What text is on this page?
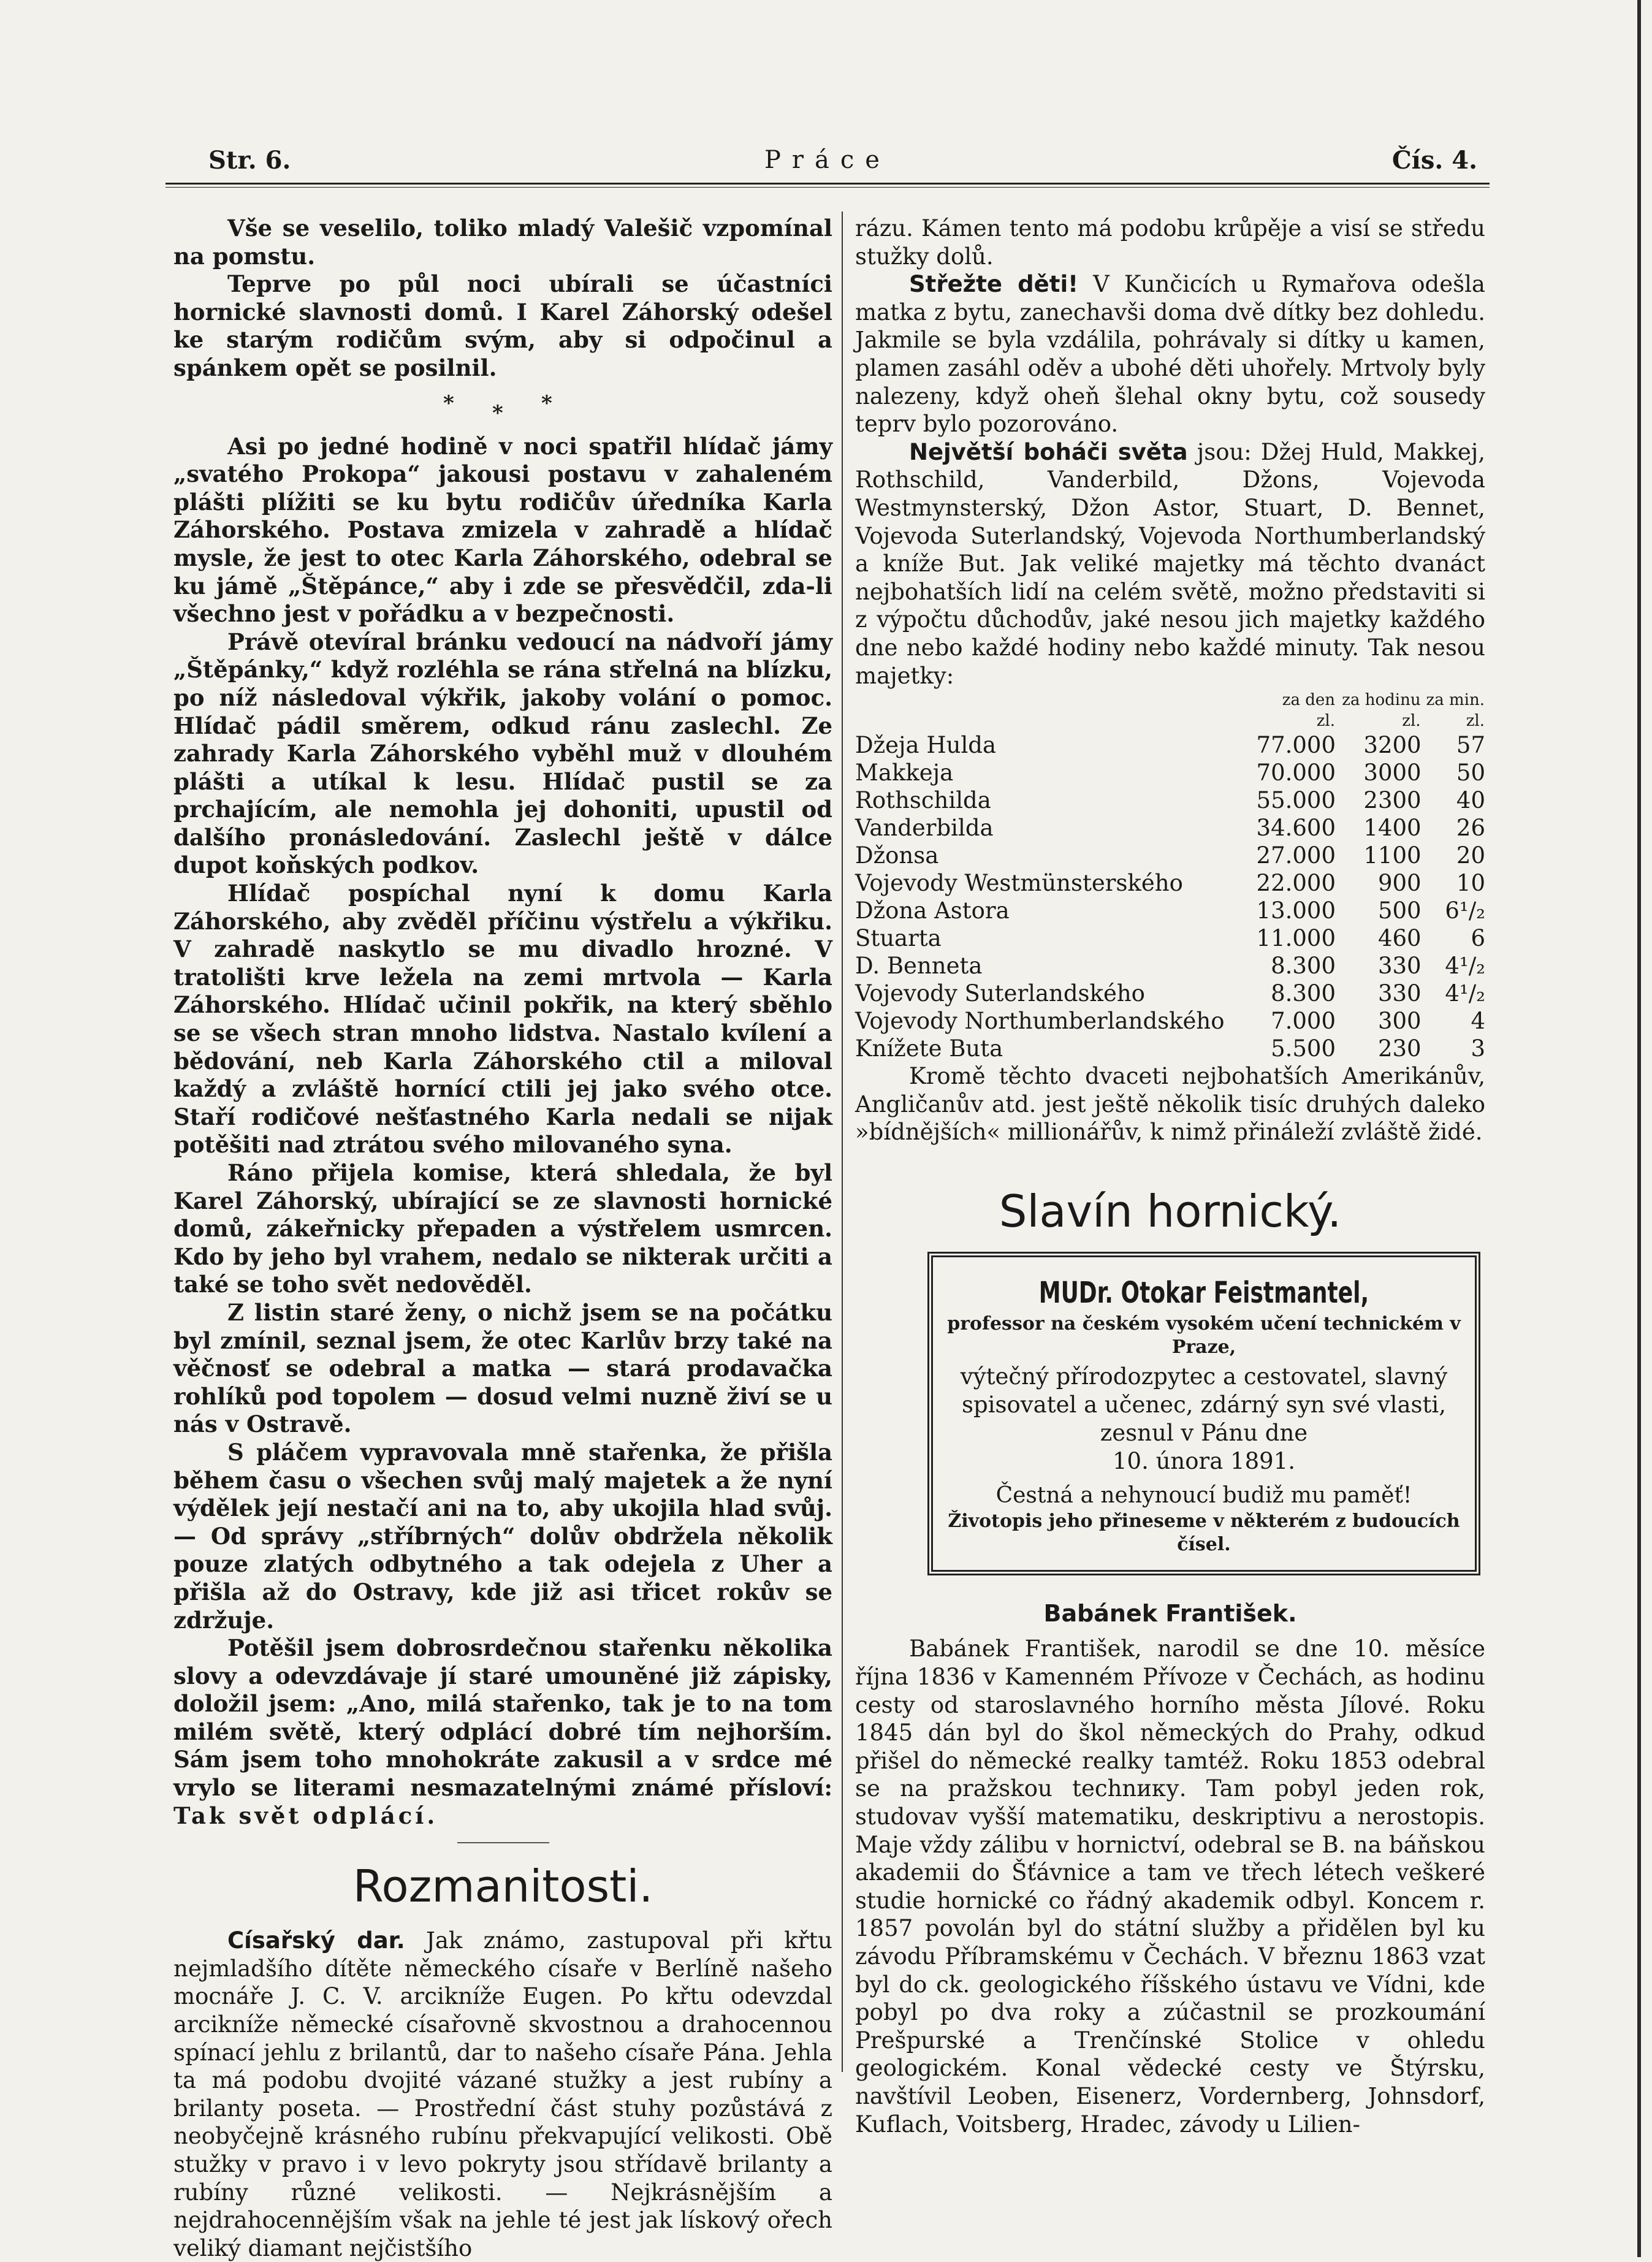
Str. 6.	Práce	Čís. 4.

Vše se veselilo, toliko mladý Valešič vzpomínal na pomstu.

Teprve po půl noci ubírali se účastníci hornické slavnosti domů. I Karel Záhorský odešel ke starým rodičům svým, aby si odpočinul a spánkem opět se posilnil.

* * *

Asi po jedné hodině v noci spatřil hlídač jámy „svatého Prokopa“ jakousi postavu v zahaleném plášti plížiti se ku bytu rodičův úředníka Karla Záhorského. Postava zmizela v zahradě a hlídač mysle, že jest to otec Karla Záhorského, odebral se ku jámě „Štěpánce,“ aby i zde se přesvědčil, zda-li všechno jest v pořádku a v bezpečnosti.

Právě otevíral bránku vedoucí na nádvoří jámy „Štěpánky,“ když rozléhla se rána střelná na blízku, po níž následoval výkřik, jakoby volání o pomoc. Hlídač pádil směrem, odkud ránu zaslechl. Ze zahrady Karla Záhorského vyběhl muž v dlouhém plášti a utíkal k lesu. Hlídač pustil se za prchajícím, ale nemohla jej dohoniti, upustil od dalšího pronásledování. Zaslechl ještě v dálce dupot koňských podkov.

Hlídač pospíchal nyní k domu Karla Záhorského, aby zvěděl příčinu výstřelu a výkřiku. V zahradě naskytlo se mu divadlo hrozné. V tratolišti krve ležela na zemi mrtvola — Karla Záhorského. Hlídač učinil pokřik, na který sběhlo se se všech stran mnoho lidstva. Nastalo kvílení a bědování, neb Karla Záhorského ctil a miloval každý a zvláště hornící ctili jej jako svého otce. Staří rodičové nešťastného Karla nedali se nijak potěšiti nad ztrátou svého milovaného syna.

Ráno přijela komise, která shledala, že byl Karel Záhorský, ubírající se ze slavnosti hornické domů, zákeřnicky přepaden a výstřelem usmrcen. Kdo by jeho byl vrahem, nedalo se nikterak určiti a také se toho svět nedověděl.

Z listin staré ženy, o nichž jsem se na počátku byl zmínil, seznal jsem, že otec Karlův brzy také na věčnosť se odebral a matka — stará prodavačka rohlíků pod topolem — dosud velmi nuzně živí se u nás v Ostravě.

S pláčem vypravovala mně stařenka, že přišla během času o všechen svůj malý majetek a že nyní výdělek její nestačí ani na to, aby ukojila hlad svůj. — Od správy „stříbrných“ dolův obdržela několik pouze zlatých odbytného a tak odejela z Uher a přišla až do Ostravy, kde již asi třicet rokův se zdržuje.

Potěšil jsem dobrosrdečnou stařenku několika slovy a odevzdávaje jí staré umouněné již zápisky, doložil jsem: „Ano, milá stařenko, tak je to na tom milém světě, který odplácí dobré tím nejhorším. Sám jsem toho mnohokráte zakusil a v srdce mé vrylo se literami nesmazatelnými známé přísloví: Tak svět odplácí.

Rozmanitosti.

Císařský dar. Jak známo, zastupoval při křtu nejmladšího dítěte německého císaře v Berlíně našeho mocnáře J. C. V. arcikníže Eugen. Po křtu odevzdal arcikníže německé císařovně skvostnou a drahocennou spínací jehlu z brilantů, dar to našeho císaře Pána. Jehla ta má podobu dvojité vázané stužky a jest rubíny a brilanty poseta. — Prostřední část stuhy pozůstává z neobyčejně krásného rubínu překvapující velikosti. Obě stužky v pravo i v levo pokryty jsou střídavě brilanty a rubíny různé velikosti. — Nejkrásnějším a nejdrahocennějším však na jehle té jest jak lískový ořech veliký diamant nejčistšího

rázu. Kámen tento má podobu krůpěje a visí se středu stužky dolů.

Střežte děti! V Kunčicích u Rymařova odešla matka z bytu, zanechavši doma dvě dítky bez dohledu. Jakmile se byla vzdálila, pohrávaly si dítky u kamen, plamen zasáhl oděv a ubohé děti uhořely. Mrtvoly byly nalezeny, když oheň šlehal okny bytu, což sousedy teprv bylo pozorováno.

Největší boháči světa jsou: Džej Huld, Makkej, Rothschild, Vanderbild, Džons, Vojevoda Westmynsterský, Džon Astor, Stuart, D. Bennet, Vojevoda Suterlandský, Vojevoda Northumberlandský a kníže But. Jak veliké majetky má těchto dvanáct nejbohatších lidí na celém světě, možno představiti si z výpočtu důchodův, jaké nesou jich majetky každého dne nebo každé hodiny nebo každé minuty. Tak nesou majetky:

	za den	za hodinu	za min.
	zl.	zl.	zl.
Džeja Hulda	77.000	3200	57
Makkeja	70.000	3000	50
Rothschilda	55.000	2300	40
Vanderbilda	34.600	1400	26
Džonsa	27.000	1100	20
Vojevody Westmünsterského	22.000	900	10
Džona Astora	13.000	500	6¹/₂
Stuarta	11.000	460	6
D. Benneta	8.300	330	4¹/₂
Vojevody Suterlandského	8.300	330	4¹/₂
Vojevody Northumberlandského	7.000	300	4
Knížete Buta	5.500	230	3

Kromě těchto dvaceti nejbohatších Amerikánův, Angličanův atd. jest ještě několik tisíc druhých daleko »bídnějších« millionářův, k nimž přináleží zvláště židé.

Slavín hornický.
MUDr. Otokar Feistmantel,
professor na českém vysokém učení technickém v Praze,
výtečný přírodozpytec a cestovatel, slavný spisovatel a učenec, zdárný syn své vlasti, zesnul v Pánu dne
10. února 1891.
Čestná a nehynoucí budiž mu paměť!
Životopis jeho přineseme v některém z budoucích čísel.
Babánek František.

Babánek František, narodil se dne 10. měsíce října 1836 v Kamenném Přívoze v Čechách, as hodinu cesty od staroslavného horního města Jílové. Roku 1845 dán byl do škol německých do Prahy, odkud přišel do německé realky tamtéž. Roku 1853 odebral se na pražskou technику. Tam pobyl jeden rok, studovav vyšší matematiku, deskriptivu a nerostopis. Maje vždy zálibu v hornictví, odebral se B. na báňskou akademii do Šťávnice a tam ve třech létech veškeré studie hornické co řádný akademik odbyl. Koncem r. 1857 povolán byl do státní služby a přidělen byl ku závodu Příbramskému v Čechách. V březnu 1863 vzat byl do ck. geologického říšského ústavu ve Vídni, kde pobyl po dva roky a zúčastnil se prozkoumání Prešpurské a Trenčínské Stolice v ohledu geologickém. Konal vědecké cesty ve Štýrsku, navštívil Leoben, Eisenerz, Vordernberg, Johnsdorf, Kuflach, Voitsberg, Hradec, závody u Lilien-
